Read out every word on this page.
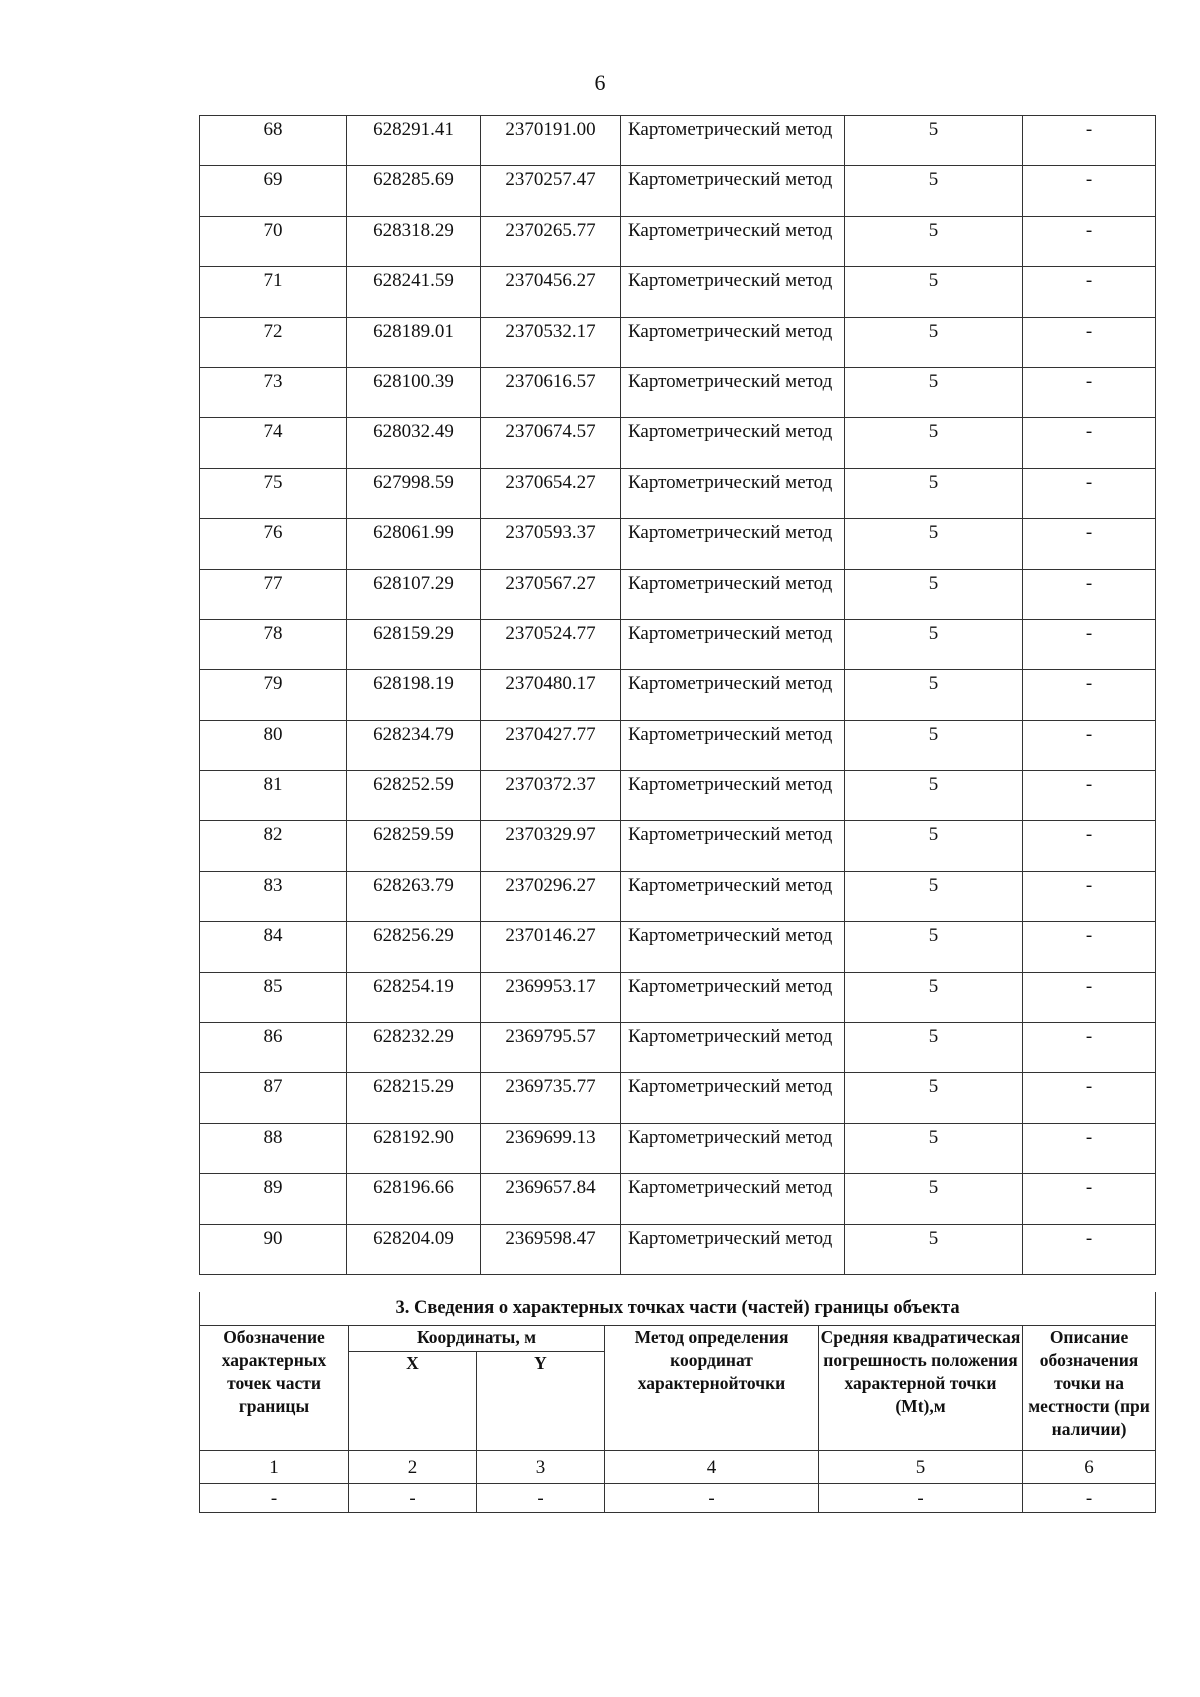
6
68	628291.41	2370191.00	Картометрический метод	5	-
69	628285.69	2370257.47	Картометрический метод	5	-
70	628318.29	2370265.77	Картометрический метод	5	-
71	628241.59	2370456.27	Картометрический метод	5	-
72	628189.01	2370532.17	Картометрический метод	5	-
73	628100.39	2370616.57	Картометрический метод	5	-
74	628032.49	2370674.57	Картометрический метод	5	-
75	627998.59	2370654.27	Картометрический метод	5	-
76	628061.99	2370593.37	Картометрический метод	5	-
77	628107.29	2370567.27	Картометрический метод	5	-
78	628159.29	2370524.77	Картометрический метод	5	-
79	628198.19	2370480.17	Картометрический метод	5	-
80	628234.79	2370427.77	Картометрический метод	5	-
81	628252.59	2370372.37	Картометрический метод	5	-
82	628259.59	2370329.97	Картометрический метод	5	-
83	628263.79	2370296.27	Картометрический метод	5	-
84	628256.29	2370146.27	Картометрический метод	5	-
85	628254.19	2369953.17	Картометрический метод	5	-
86	628232.29	2369795.57	Картометрический метод	5	-
87	628215.29	2369735.77	Картометрический метод	5	-
88	628192.90	2369699.13	Картометрический метод	5	-
89	628196.66	2369657.84	Картометрический метод	5	-
90	628204.09	2369598.47	Картометрический метод	5	-
3. Сведения о характерных точках части (частей) границы объекта					
Обозначение характерных точек части границы	Координаты, м		Метод определения координат характернойточки	Средняя квадратическая погрешность положения характерной точки (Mt),м	Описание обозначения точки на местности (при наличии)
	X	Y			
1	2	3	4	5	6
-	-	-	-	-	-
